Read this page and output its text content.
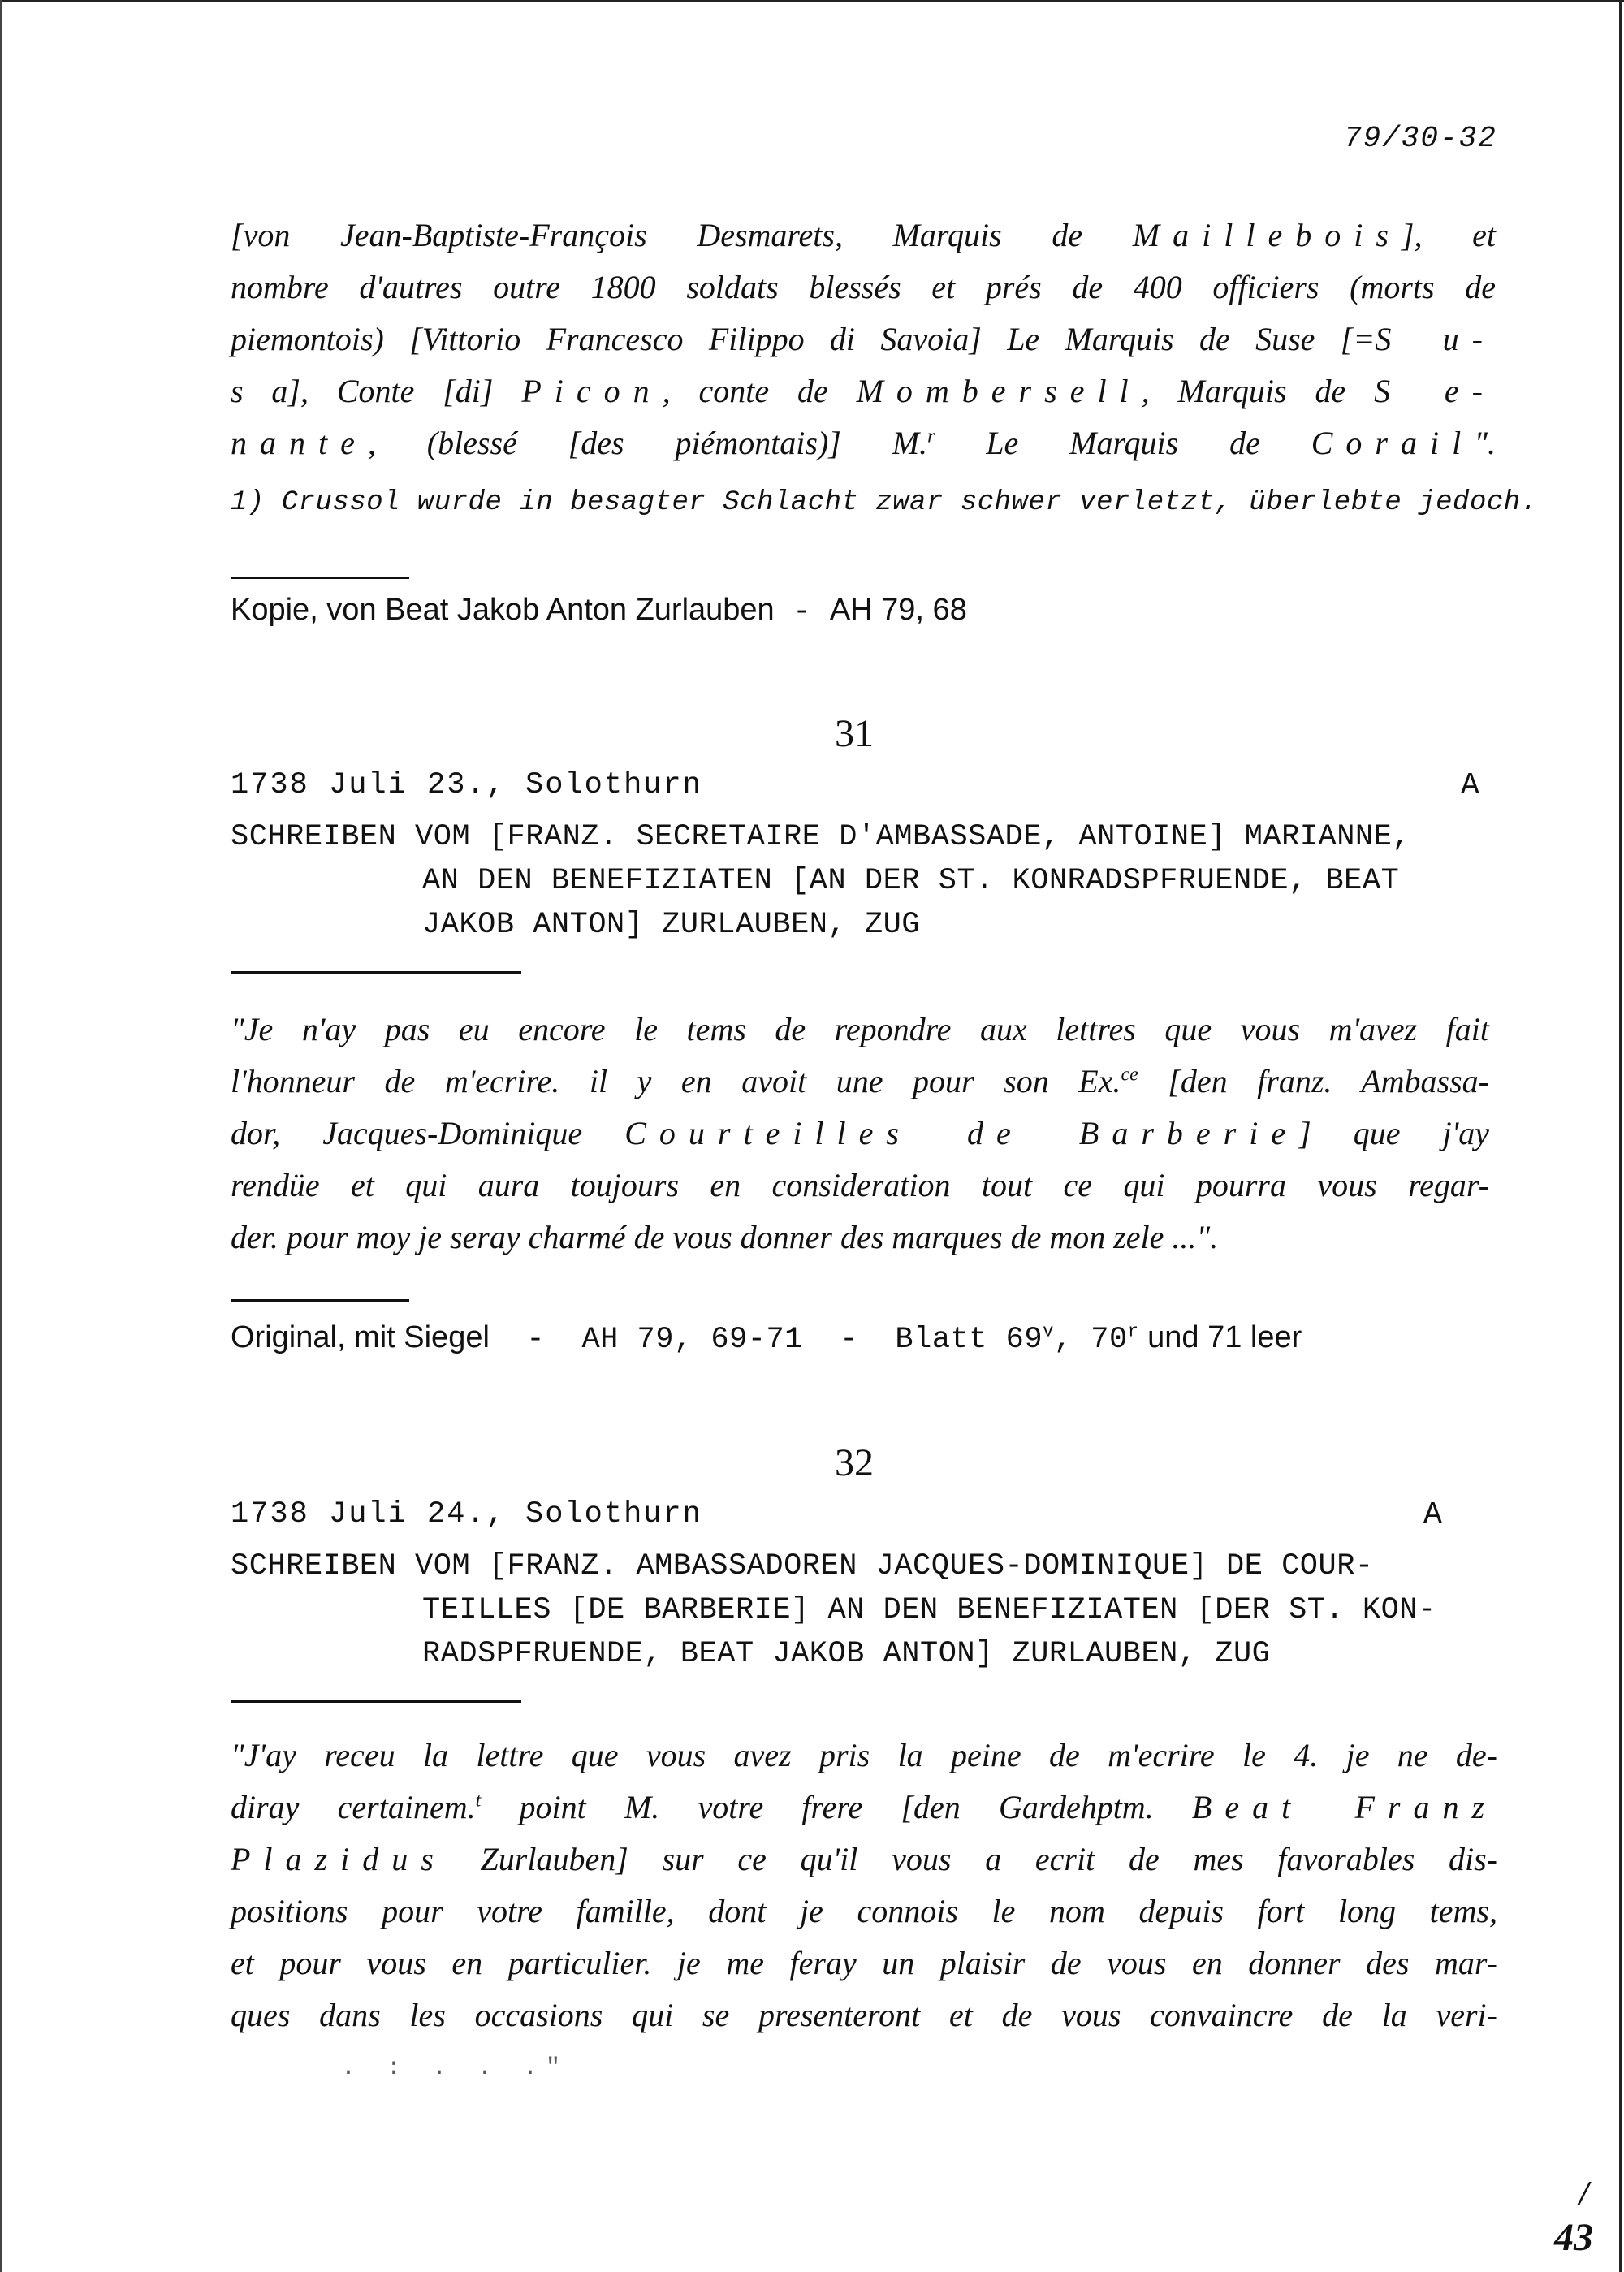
79/30-32

[von Jean-Baptiste-François Desmarets, Marquis de Maillebois], et

nombre d'autres outre 1800 soldats blessés et prés de 400 officiers (morts de

piemontois) [Vittorio Francesco Filippo di Savoia] Le Marquis de Suse [=S u-

s a], Conte [di] Picon, conte de Mombersell, Marquis de S e-

nante, (blessé [des piémontais)] M.$^r$ Le Marquis de Corail".

1) Crussol wurde in besagter Schlacht zwar schwer verletzt, überlebte jedoch.
Kopie, von Beat Jakob Anton Zurlauben - AH 79, 68
31
1738 Juli 23., Solothurn	A
SCHREIBEN VOM [FRANZ. SECRETAIRE D'AMBASSADE, ANTOINE] MARIANNE,
AN DEN BENEFIZIATEN [AN DER ST. KONRADSPFRUENDE, BEAT
JAKOB ANTON] ZURLAUBEN, ZUG

"Je n'ay pas eu encore le tems de repondre aux lettres que vous m'avez fait

l'honneur de m'ecrire. il y en avoit une pour son Ex.$^{ce}$ [den franz. Ambassa-

dor, Jacques-Dominique Courteilles de Barberie] que j'ay

rendüe et qui aura toujours en consideration tout ce qui pourra vous regar-

der. pour moy je seray charmé de vous donner des marques de mon zele ...".

Original, mit Siegel  -  AH 79, 69-71  -  Blatt 69$^v$, 70$^r$ und 71 leer
32
1738 Juli 24., Solothurn	A
SCHREIBEN VOM [FRANZ. AMBASSADOREN JACQUES-DOMINIQUE] DE COUR-
TEILLES [DE BARBERIE] AN DEN BENEFIZIATEN [DER ST. KON-
RADSPFRUENDE, BEAT JAKOB ANTON] ZURLAUBEN, ZUG

"J'ay receu la lettre que vous avez pris la peine de m'ecrire le 4. je ne de-

diray certainem.$^t$ point M. votre frere [den Gardehptm. Beat Franz

Plazidus Zurlauben] sur ce qu'il vous a ecrit de mes favorables dis-

positions pour votre famille, dont je connois le nom depuis fort long tems,

et pour vous en particulier. je me feray un plaisir de vous en donner des mar-

ques dans les occasions qui se presenteront et de vous convaincre de la veri-

. : . . ."
/
43
